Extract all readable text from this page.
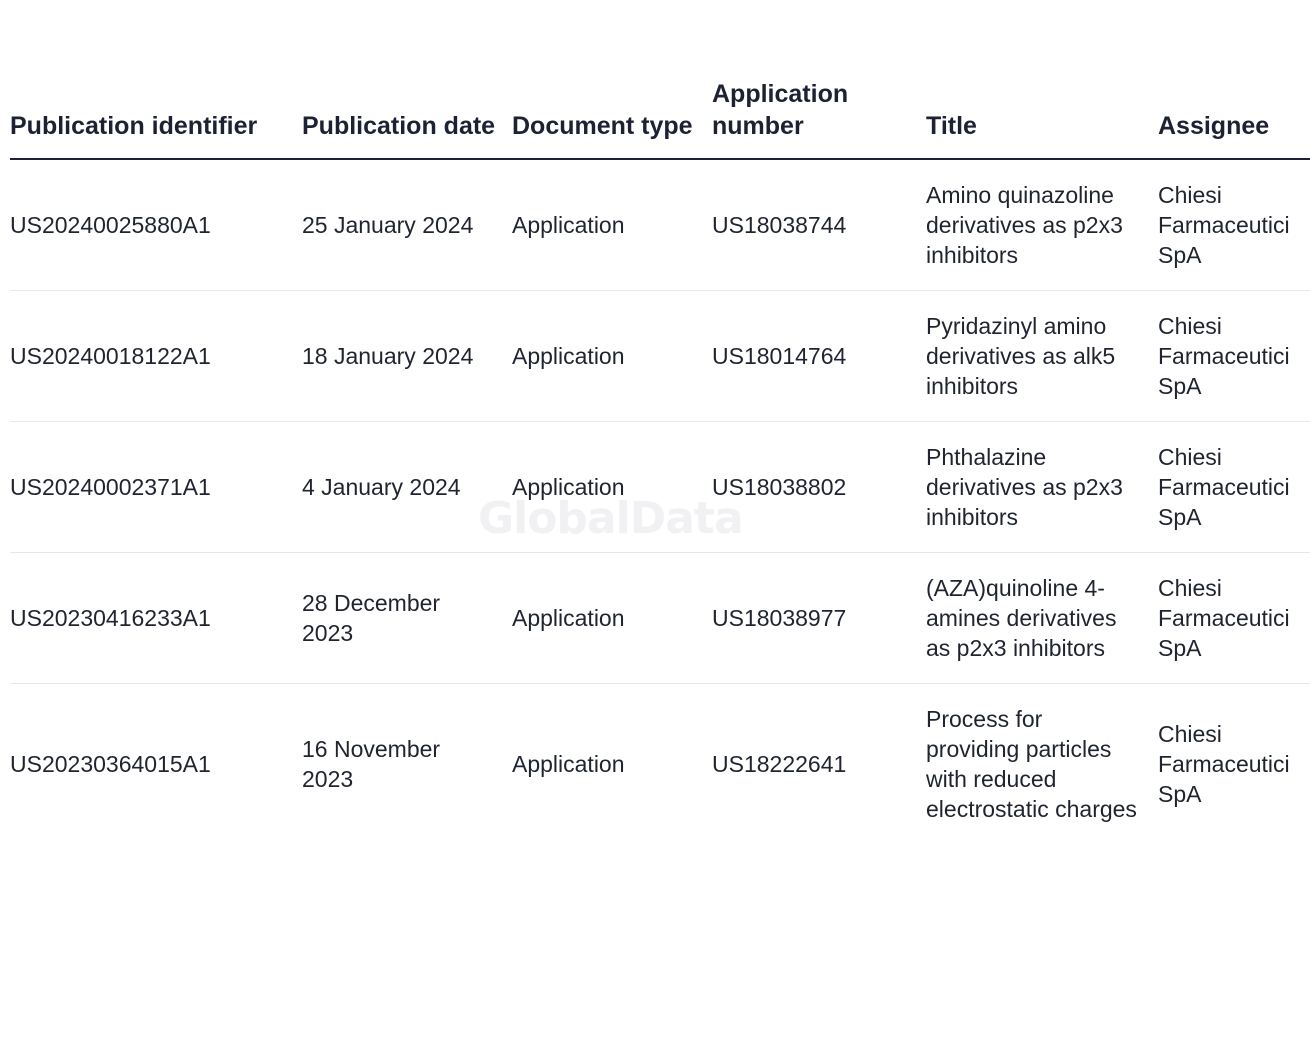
Publication identifier	Publication date	Document type	Application number	Title	Assignee
US20240025880A1	25 January 2024	Application	US18038744	Amino quinazoline derivatives as p2x3 inhibitors	Chiesi Farmaceutici SpA
US20240018122A1	18 January 2024	Application	US18014764	Pyridazinyl amino derivatives as alk5 inhibitors	Chiesi Farmaceutici SpA
US20240002371A1	4 January 2024	Application	US18038802	Phthalazine derivatives as p2x3 inhibitors	Chiesi Farmaceutici SpA
US20230416233A1	28 December 2023	Application	US18038977	(AZA)quinoline 4-amines derivatives as p2x3 inhibitors	Chiesi Farmaceutici SpA
US20230364015A1	16 November 2023	Application	US18222641	Process for providing particles with reduced electrostatic charges	Chiesi Farmaceutici SpA
GlobalData
